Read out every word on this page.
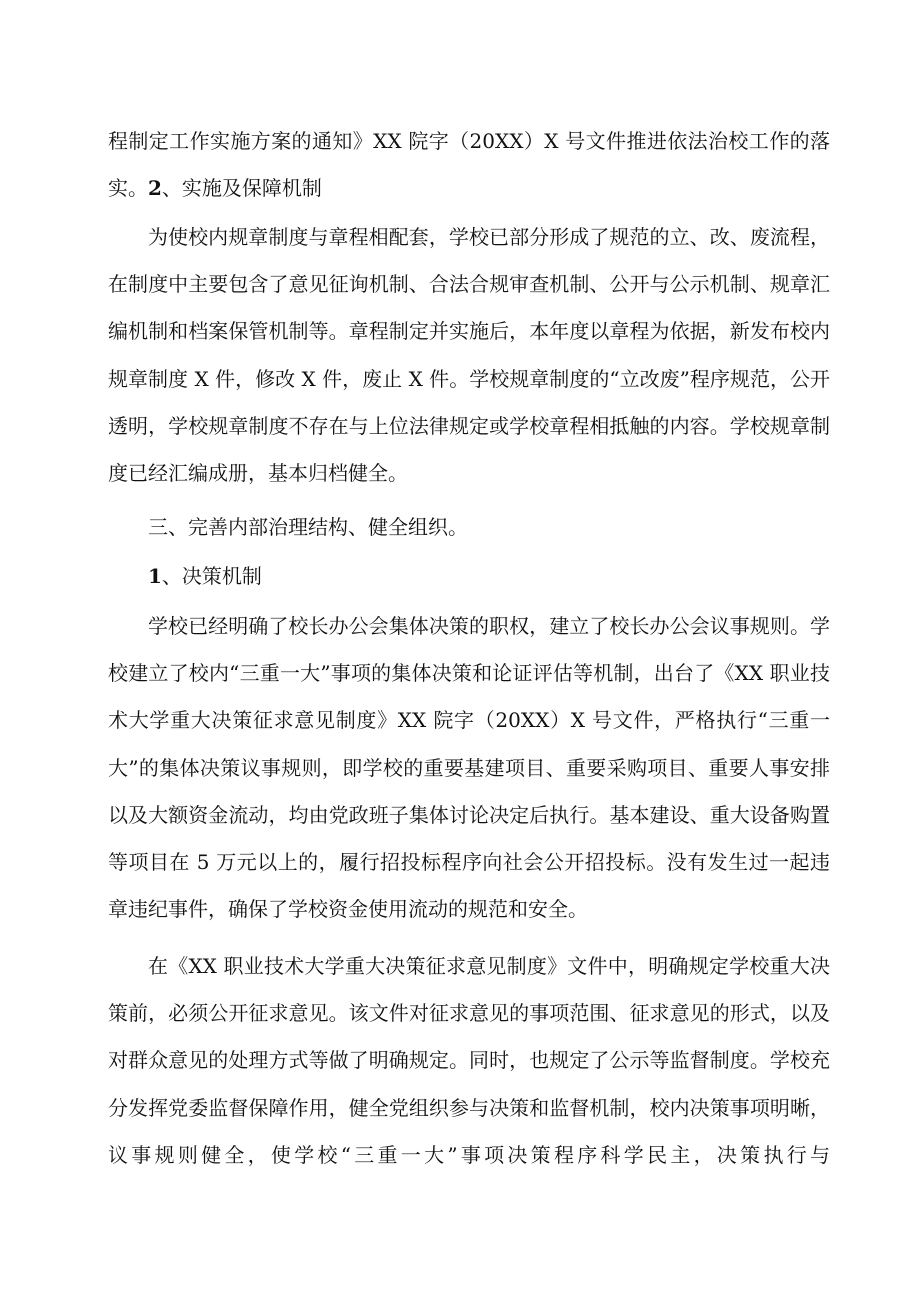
程制定工作实施方案的通知》XX 院字（20XX）X 号文件推进依法治校工作的落实。 2、实施及保障机制

为使校内规章制度与章程相配套，学校已部分形成了规范的立、改、废流程，在制度中主要包含了意见征询机制、合法合规审查机制、公开与公示机制、规章汇编机制和档案保管机制等。章程制定并实施后，本年度以章程为依据，新发布校内规章制度 X 件，修改 X 件，废止 X 件。学校规章制度的“立改废”程序规范，公开透明，学校规章制度不存在与上位法律规定或学校章程相抵触的内容。学校规章制度已经汇编成册，基本归档健全。

三、完善内部治理结构、健全组织。

1、决策机制

学校已经明确了校长办公会集体决策的职权，建立了校长办公会议事规则。学校建立了校内“三重一大”事项的集体决策和论证评估等机制，出台了《XX 职业技术大学重大决策征求意见制度》XX 院字（20XX）X 号文件，严格执行“三重一大”的集体决策议事规则，即学校的重要基建项目、重要采购项目、重要人事安排以及大额资金流动，均由党政班子集体讨论决定后执行。基本建设、重大设备购置等项目在 5 万元以上的，履行招投标程序向社会公开招投标。没有发生过一起违章违纪事件，确保了学校资金使用流动的规范和安全。

在《XX 职业技术大学重大决策征求意见制度》文件中，明确规定学校重大决策前，必须公开征求意见。该文件对征求意见的事项范围、征求意见的形式，以及对群众意见的处理方式等做了明确规定。同时，也规定了公示等监督制度。学校充分发挥党委监督保障作用，健全党组织参与决策和监督机制，校内决策事项明晰，议事规则健全，使学校“三重一大”事项决策程序科学民主，决策执行与
